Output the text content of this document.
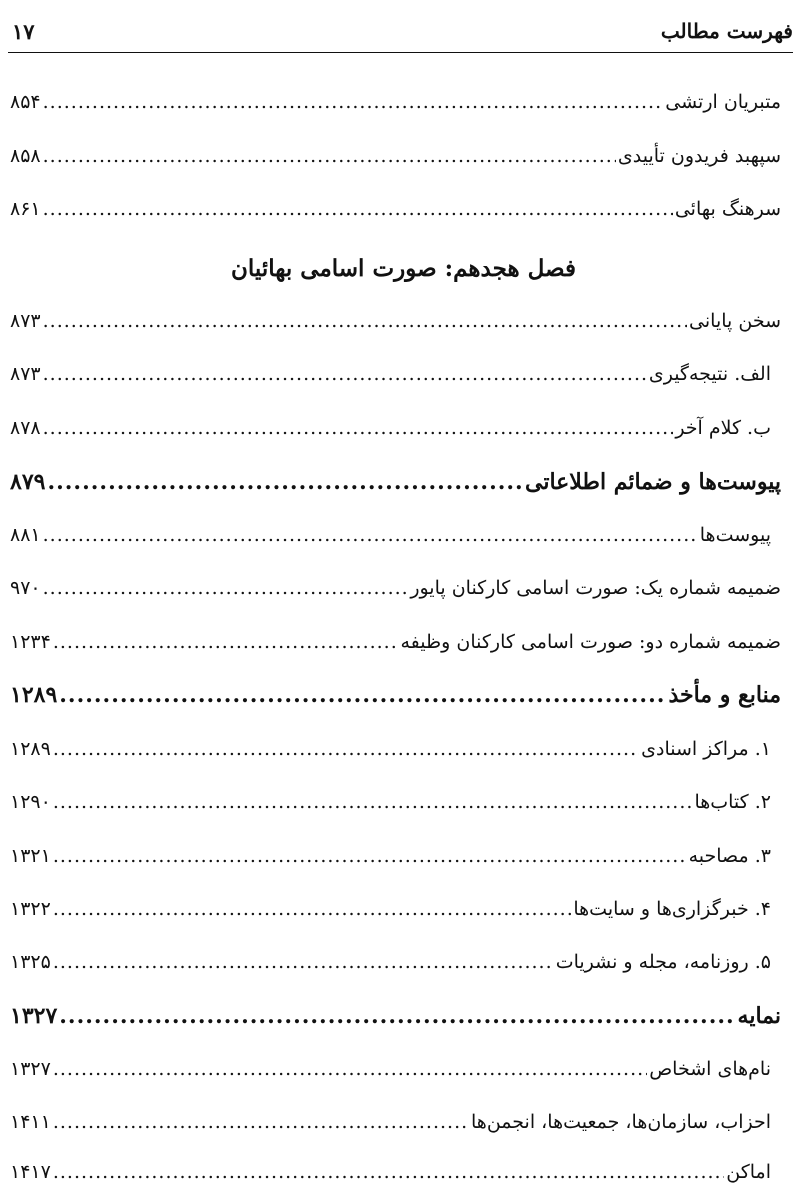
۱۷	فهرست مطالب
متبریان ارتشی
.....
۸۵۴
سپهبد فریدون تأییدی
.....
۸۵۸
سرهنگ بهائی
.....
۸۶۱
فصل هجدهم: صورت اسامی بهائیان
سخن پایانی
.....
۸۷۳
الف. نتیجه‌گیری
.....
۸۷۳
ب. کلام آخر
.....
۸۷۸
پیوست‌ها و ضمائم اطلاعاتی
.....
۸۷۹
پیوست‌ها
.....
۸۸۱
ضمیمه شماره یک: صورت اسامی کارکنان پایور
.....
۹۷۰
ضمیمه شماره دو: صورت اسامی کارکنان وظیفه
.....
۱۲۳۴
منابع و مأخذ
.....
۱۲۸۹
۱. مراکز اسنادی
.....
۱۲۸۹
۲. کتاب‌ها
.....
۱۲۹۰
۳. مصاحبه
.....
۱۳۲۱
۴. خبرگزاری‌ها و سایت‌ها
.....
۱۳۲۲
۵. روزنامه، مجله و نشریات
.....
۱۳۲۵
نمایه
.....
۱۳۲۷
نام‌های اشخاص
.....
۱۳۲۷
احزاب، سازمان‌ها، جمعیت‌ها، انجمن‌ها
.....
۱۴۱۱
اماکن
.....
۱۴۱۷
